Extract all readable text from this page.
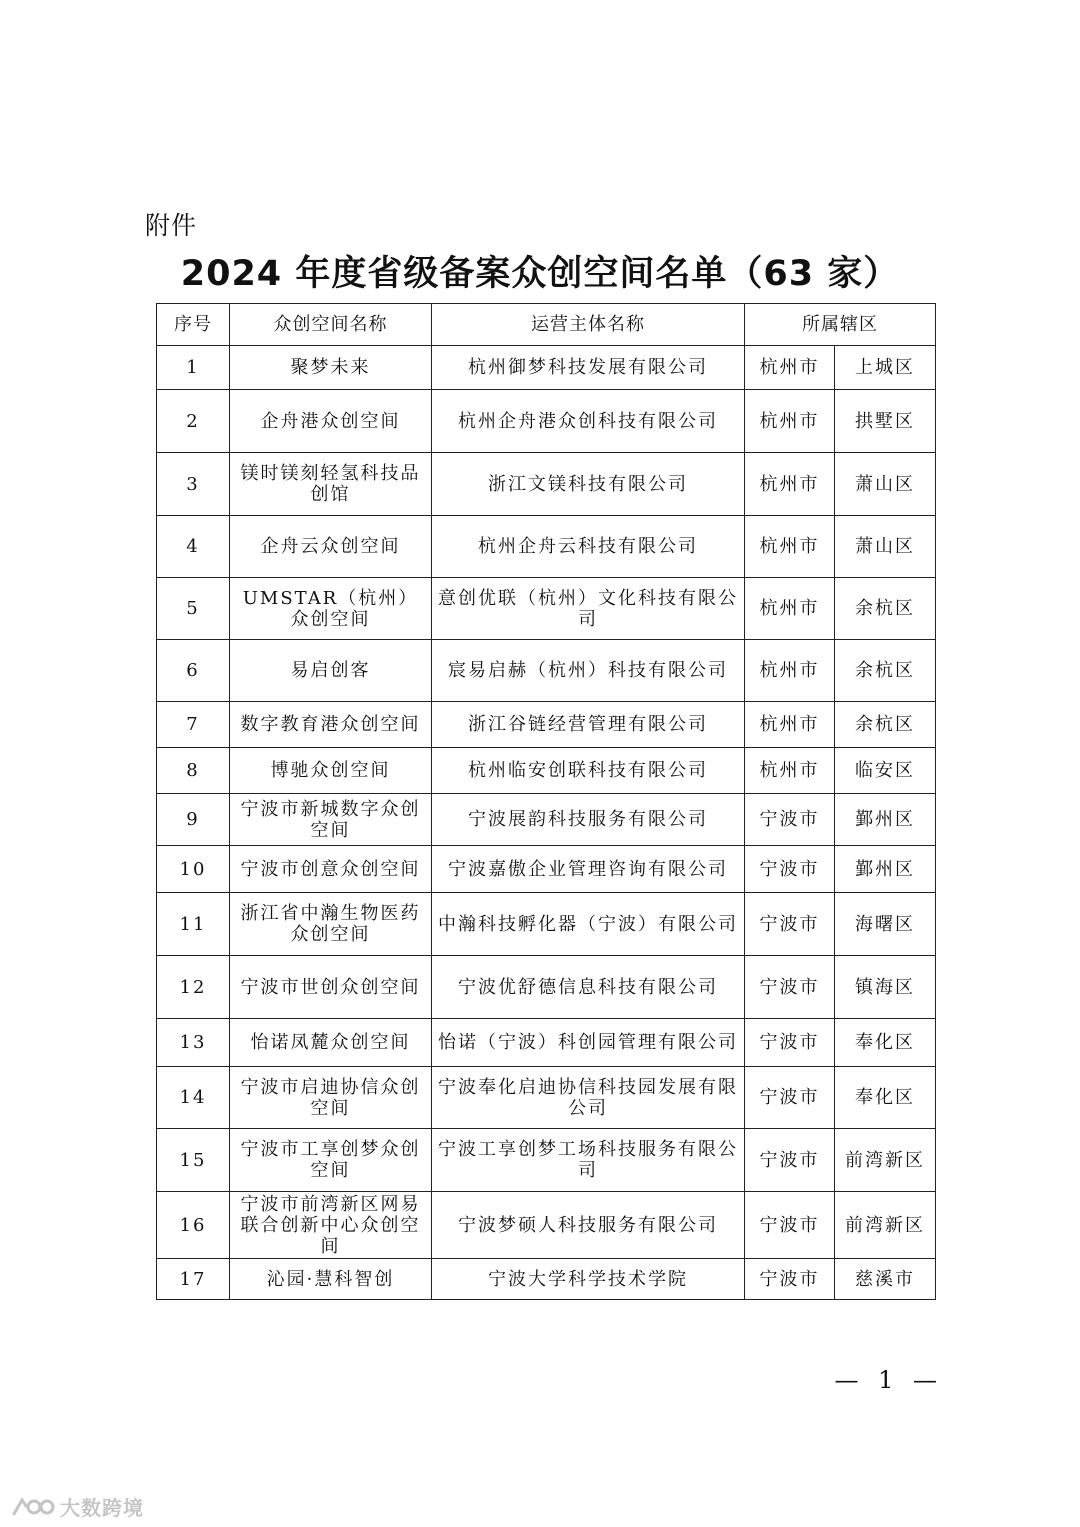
附件
2024 年度省级备案众创空间名单（63 家）
序号	众创空间名称	运营主体名称	所属辖区	
1	聚梦未来	杭州御梦科技发展有限公司	杭州市	上城区
2	企舟港众创空间	杭州企舟港众创科技有限公司	杭州市	拱墅区
3	镁时镁刻轻氢科技品创馆	浙江文镁科技有限公司	杭州市	萧山区
4	企舟云众创空间	杭州企舟云科技有限公司	杭州市	萧山区
5	UMSTAR（杭州）众创空间	意创优联（杭州）文化科技有限公司	杭州市	余杭区
6	易启创客	宸易启赫（杭州）科技有限公司	杭州市	余杭区
7	数字教育港众创空间	浙江谷链经营管理有限公司	杭州市	余杭区
8	博驰众创空间	杭州临安创联科技有限公司	杭州市	临安区
9	宁波市新城数字众创空间	宁波展韵科技服务有限公司	宁波市	鄞州区
10	宁波市创意众创空间	宁波嘉傲企业管理咨询有限公司	宁波市	鄞州区
11	浙江省中瀚生物医药众创空间	中瀚科技孵化器（宁波）有限公司	宁波市	海曙区
12	宁波市世创众创空间	宁波优舒德信息科技有限公司	宁波市	镇海区
13	怡诺凤麓众创空间	怡诺（宁波）科创园管理有限公司	宁波市	奉化区
14	宁波市启迪协信众创空间	宁波奉化启迪协信科技园发展有限公司	宁波市	奉化区
15	宁波市工享创梦众创空间	宁波工享创梦工场科技服务有限公司	宁波市	前湾新区
16	宁波市前湾新区网易联合创新中心众创空间	宁波梦硕人科技服务有限公司	宁波市	前湾新区
17	沁园·慧科智创	宁波大学科学技术学院	宁波市	慈溪市
— 1 —
大数跨境
